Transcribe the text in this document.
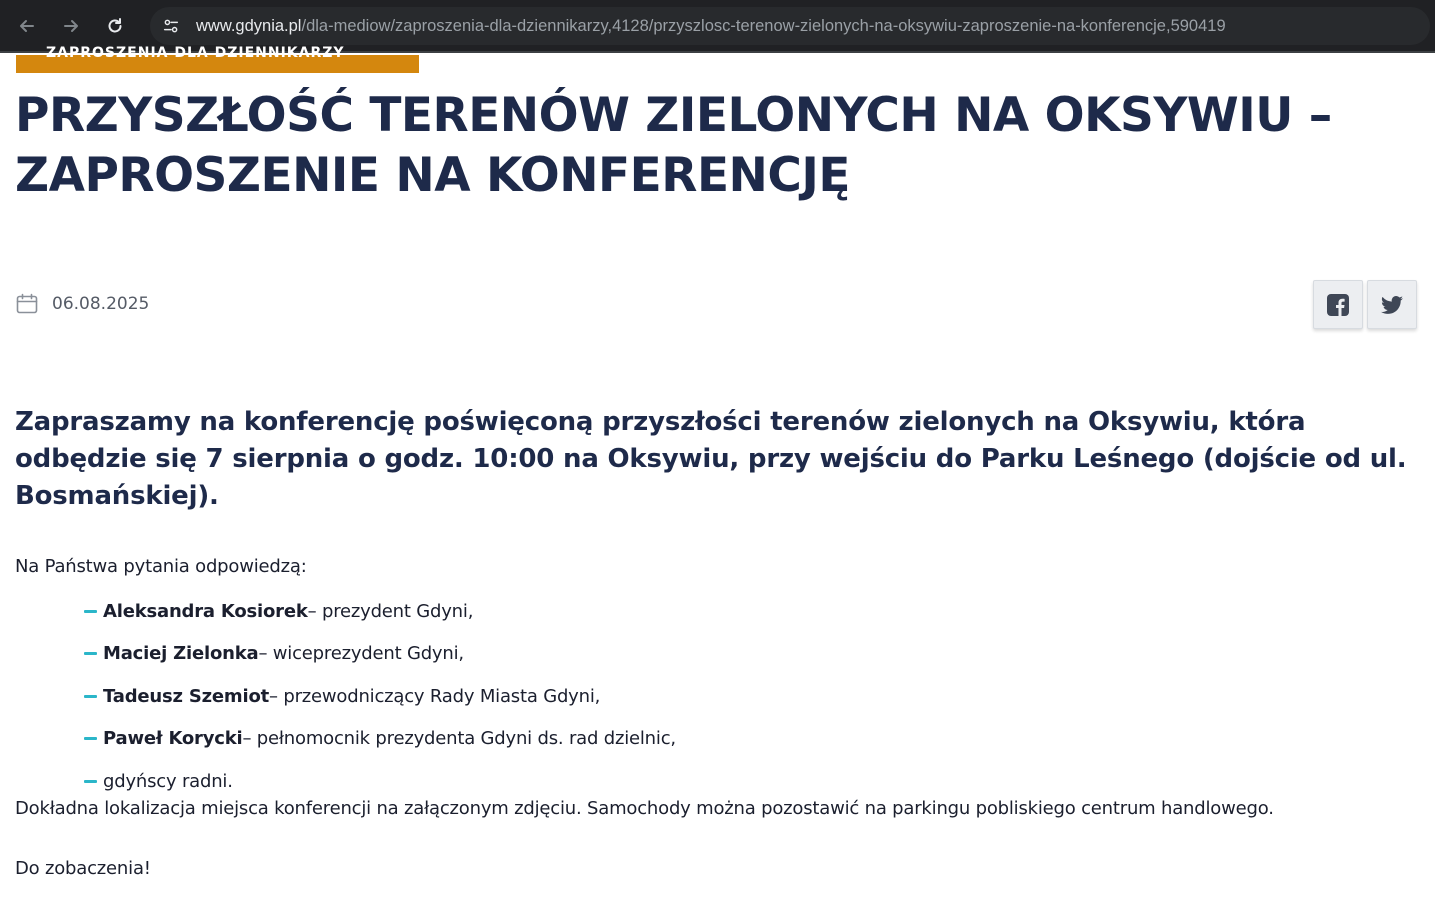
www.gdynia.pl/dla-mediow/zaproszenia-dla-dziennikarzy,4128/przyszlosc-terenow-zielonych-na-oksywiu-zaproszenie-na-konferencje,590419
ZAPROSZENIA DLA DZIENNIKARZY
PRZYSZŁOŚĆ TERENÓW ZIELONYCH NA OKSYWIU – ZAPROSZENIE NA KONFERENCJĘ
06.08.2025

Zapraszamy na konferencję poświęconą przyszłości terenów zielonych na Oksywiu, która odbędzie się 7 sierpnia o godz. 10:00 na Oksywiu, przy wejściu do Parku Leśnego (dojście od ul. Bosmańskiej).

Na Państwa pytania odpowiedzą:

Aleksandra Kosiorek – prezydent Gdyni,
Maciej Zielonka – wiceprezydent Gdyni,
Tadeusz Szemiot – przewodniczący Rady Miasta Gdyni,
Paweł Korycki – pełnomocnik prezydenta Gdyni ds. rad dzielnic,
gdyńscy radni.

Dokładna lokalizacja miejsca konferencji na załączonym zdjęciu. Samochody można pozostawić na parkingu pobliskiego centrum handlowego.

Do zobaczenia!
